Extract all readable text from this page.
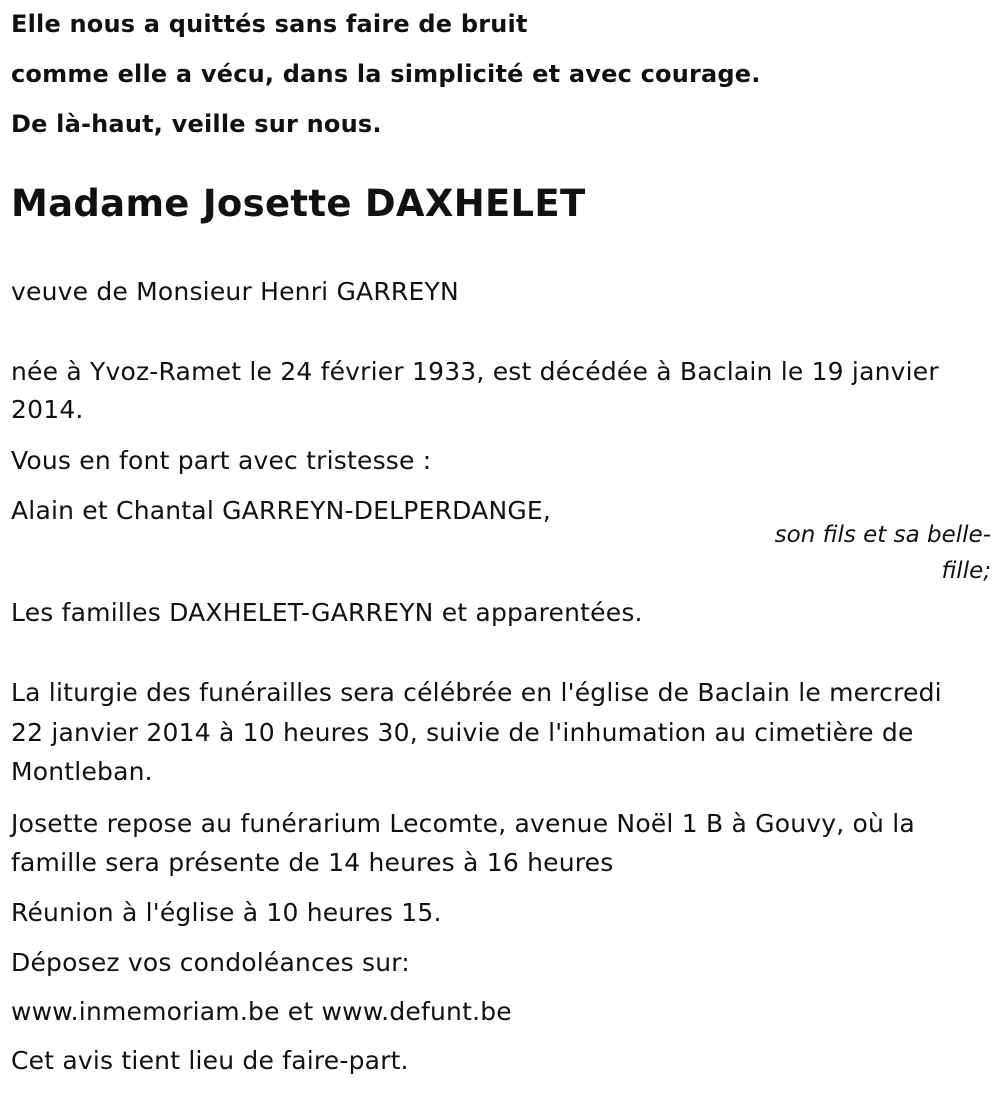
Elle nous a quittés sans faire de bruit
comme elle a vécu, dans la simplicité et avec courage.
De là-haut, veille sur nous.
Madame Josette DAXHELET
veuve de Monsieur Henri GARREYN
née à Yvoz-Ramet le 24 février 1933, est décédée à Baclain le 19 janvier
2014.
Vous en font part avec tristesse :
Alain et Chantal GARREYN-DELPERDANGE,
son fils et sa belle-
fille;
Les familles DAXHELET-GARREYN et apparentées.
La liturgie des funérailles sera célébrée en l'église de Baclain le mercredi
22 janvier 2014 à 10 heures 30, suivie de l'inhumation au cimetière de
Montleban.
Josette repose au funérarium Lecomte, avenue Noël 1 B à Gouvy, où la
famille sera présente de 14 heures à 16 heures
Réunion à l'église à 10 heures 15.
Déposez vos condoléances sur:
www.inmemoriam.be et www.defunt.be
Cet avis tient lieu de faire-part.
